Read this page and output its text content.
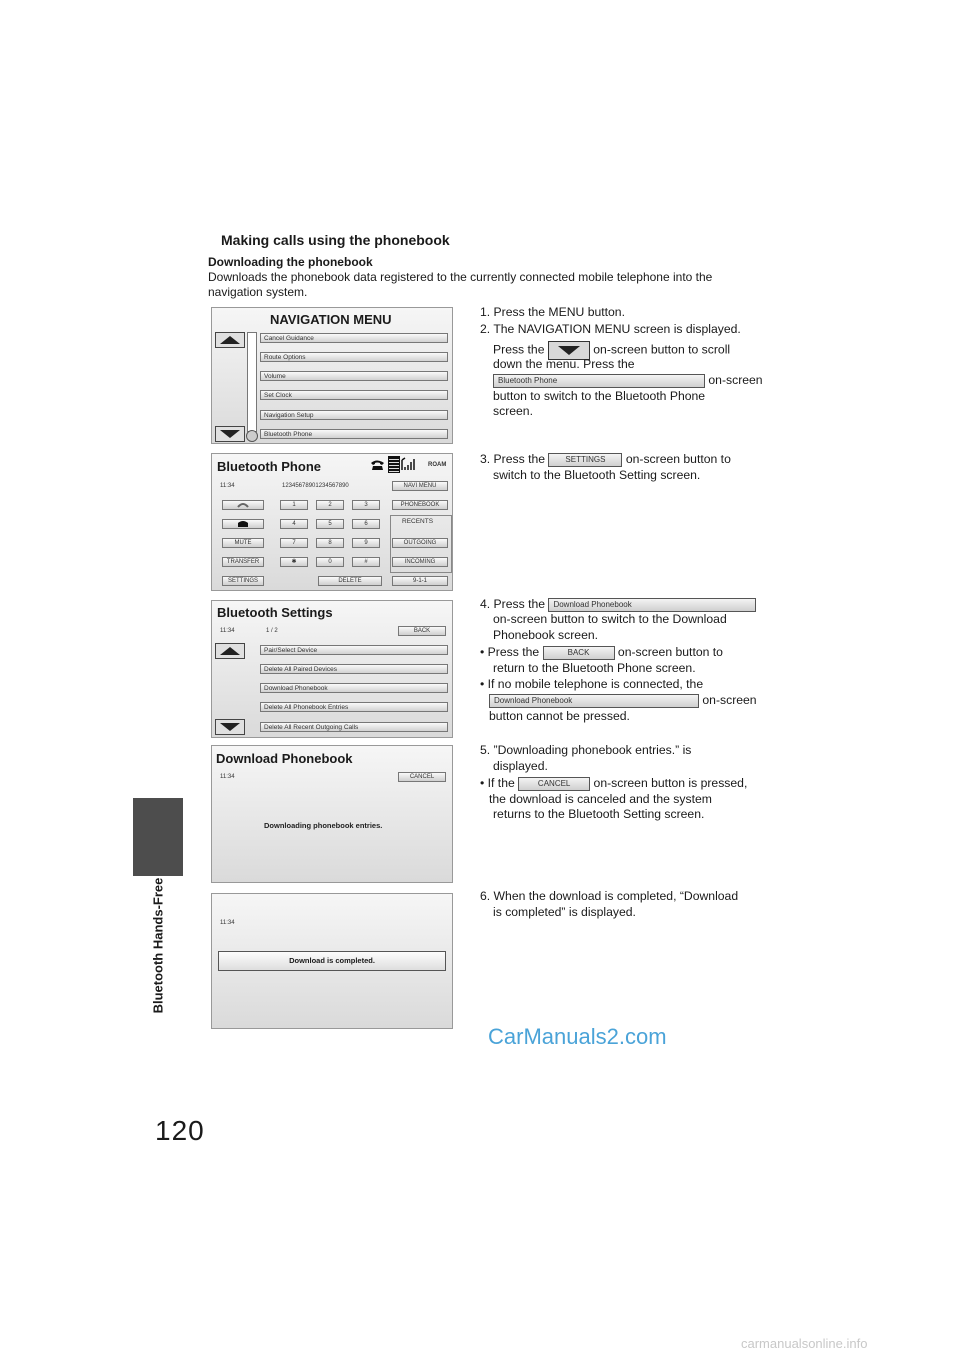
Bluetooth Hands-Free
120
Making calls using the phonebook
Downloading the phonebook
Downloads the phonebook data registered to the currently connected mobile telephone into the navigation system.
NAVIGATION MENU
Cancel Guidance
Route Options
Volume
Set Clock
Navigation Setup
Bluetooth Phone
1. Press the MENU button.
2. The NAVIGATION MENU screen is displayed.
Press the	on-screen button to scroll
down the menu. Press the
Bluetooth Phone	on-screen
button to switch to the Bluetooth Phone
screen.
Bluetooth Phone	ROAM
11:34	12345678901234567890
MUTE
TRANSFER
SETTINGS
1	2	3
4	5	6
7	8	9
✱	0	#
DELETE
NAVI MENU
PHONEBOOK
RECENTS
OUTGOING
INCOMING
9-1-1
3. Press the	SETTINGS on-screen button to
switch to the Bluetooth Setting screen.
Bluetooth Settings
11:34	1 / 2	BACK
Pair/Select Device
Delete All Paired Devices
Download Phonebook
Delete All Phonebook Entries
Delete All Recent Outgoing Calls
4. Press the Download Phonebook
on-screen button to switch to the Download
Phonebook screen.
• Press the	BACK on-screen button to
return to the Bluetooth Phone screen.
• If no mobile telephone is connected, the
Download Phonebook	on-screen
button cannot be pressed.
Download Phonebook
11:34	CANCEL
Downloading phonebook entries.
5. ”Downloading phonebook entries.” is
displayed.
• If the	CANCEL on-screen button is pressed,
the download is canceled and the system
returns to the Bluetooth Setting screen.
11:34
Download is completed.
6. When the download is completed, “Download
is completed” is displayed.
CarManuals2.com
carmanualsonline.info
